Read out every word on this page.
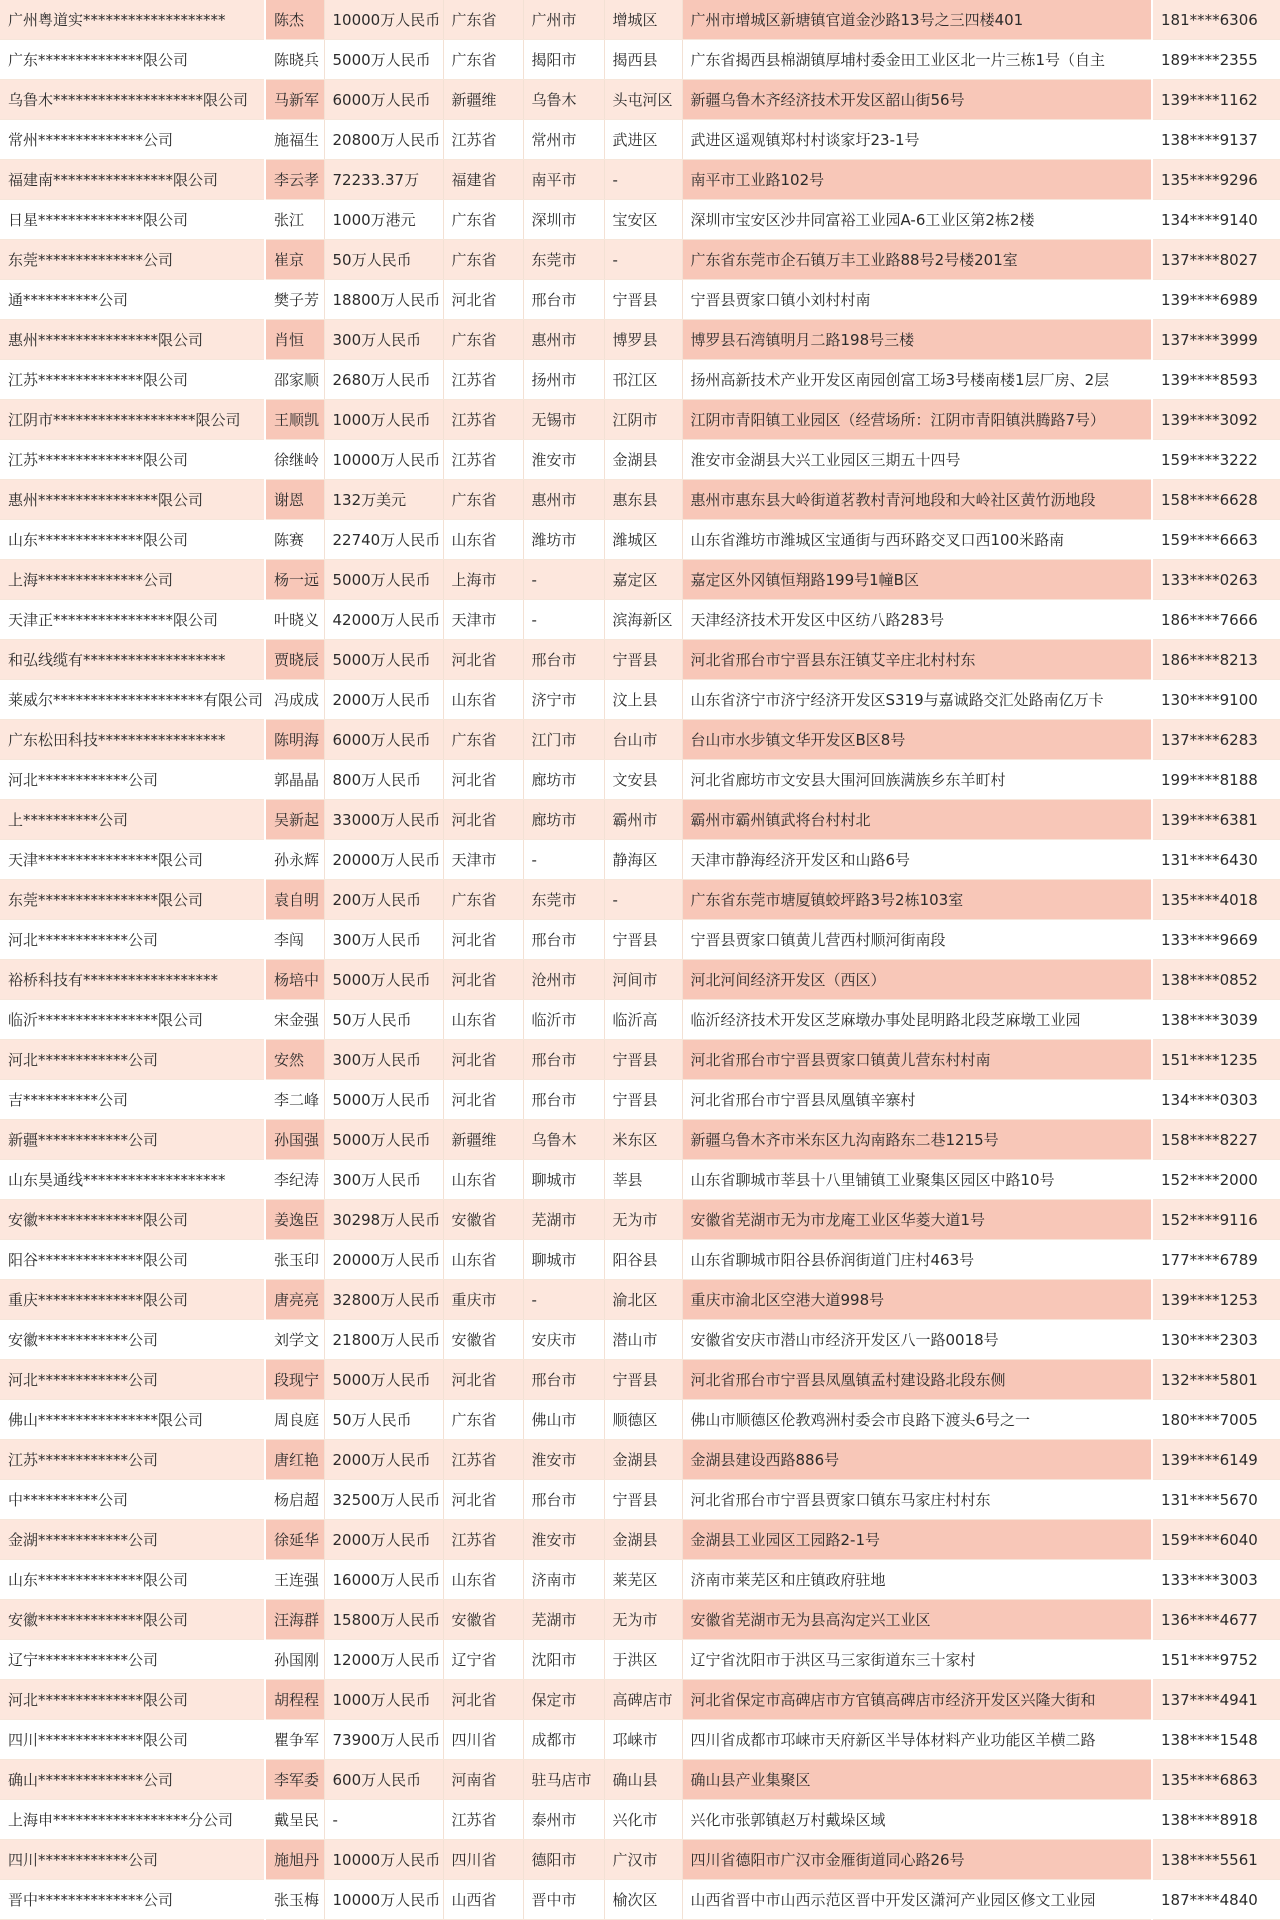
广州粤道实*******************	陈杰	10000万人民币	广东省	广州市	增城区	广州市增城区新塘镇官道金沙路13号之三四楼401	181****6306
广东**************限公司	陈晓兵	5000万人民币	广东省	揭阳市	揭西县	广东省揭西县棉湖镇厚埔村委金田工业区北一片三栋1号（自主	189****2355
乌鲁木********************限公司	马新军	6000万人民币	新疆维	乌鲁木	头屯河区	新疆乌鲁木齐经济技术开发区韶山街56号	139****1162
常州**************公司	施福生	20800万人民币	江苏省	常州市	武进区	武进区遥观镇郑村村谈家圩23-1号	138****9137
福建南****************限公司	李云孝	72233.37万	福建省	南平市	-	南平市工业路102号	135****9296
日星**************限公司	张江	1000万港元	广东省	深圳市	宝安区	深圳市宝安区沙井同富裕工业园A-6工业区第2栋2楼	134****9140
东莞**************公司	崔京	50万人民币	广东省	东莞市	-	广东省东莞市企石镇万丰工业路88号2号楼201室	137****8027
通**********公司	樊子芳	18800万人民币	河北省	邢台市	宁晋县	宁晋县贾家口镇小刘村村南	139****6989
惠州****************限公司	肖恒	300万人民币	广东省	惠州市	博罗县	博罗县石湾镇明月二路198号三楼	137****3999
江苏**************限公司	邵家顺	2680万人民币	江苏省	扬州市	邗江区	扬州高新技术产业开发区南园创富工场3号楼南楼1层厂房、2层	139****8593
江阴市*******************限公司	王顺凯	1000万人民币	江苏省	无锡市	江阴市	江阴市青阳镇工业园区（经营场所：江阴市青阳镇洪腾路7号）	139****3092
江苏**************限公司	徐继岭	10000万人民币	江苏省	淮安市	金湖县	淮安市金湖县大兴工业园区三期五十四号	159****3222
惠州****************限公司	谢恩	132万美元	广东省	惠州市	惠东县	惠州市惠东县大岭街道茗教村青河地段和大岭社区黄竹沥地段	158****6628
山东**************限公司	陈赛	22740万人民币	山东省	潍坊市	潍城区	山东省潍坊市潍城区宝通街与西环路交叉口西100米路南	159****6663
上海**************公司	杨一远	5000万人民币	上海市	-	嘉定区	嘉定区外冈镇恒翔路199号1幢B区	133****0263
天津正****************限公司	叶晓义	42000万人民币	天津市	-	滨海新区	天津经济技术开发区中区纺八路283号	186****7666
和弘线缆有*******************	贾晓辰	5000万人民币	河北省	邢台市	宁晋县	河北省邢台市宁晋县东汪镇艾辛庄北村村东	186****8213
莱威尔********************有限公司	冯成成	2000万人民币	山东省	济宁市	汶上县	山东省济宁市济宁经济开发区S319与嘉诚路交汇处路南亿万卡	130****9100
广东松田科技*****************	陈明海	6000万人民币	广东省	江门市	台山市	台山市水步镇文华开发区B区8号	137****6283
河北************公司	郭晶晶	800万人民币	河北省	廊坊市	文安县	河北省廊坊市文安县大围河回族满族乡东羊町村	199****8188
上**********公司	吴新起	33000万人民币	河北省	廊坊市	霸州市	霸州市霸州镇武将台村村北	139****6381
天津****************限公司	孙永辉	20000万人民币	天津市	-	静海区	天津市静海经济开发区和山路6号	131****6430
东莞****************限公司	袁自明	200万人民币	广东省	东莞市	-	广东省东莞市塘厦镇蛟坪路3号2栋103室	135****4018
河北************公司	李闯	300万人民币	河北省	邢台市	宁晋县	宁晋县贾家口镇黄儿营西村顺河街南段	133****9669
裕桥科技有******************	杨培中	5000万人民币	河北省	沧州市	河间市	河北河间经济开发区（西区）	138****0852
临沂****************限公司	宋金强	50万人民币	山东省	临沂市	临沂高	临沂经济技术开发区芝麻墩办事处昆明路北段芝麻墩工业园	138****3039
河北************公司	安然	300万人民币	河北省	邢台市	宁晋县	河北省邢台市宁晋县贾家口镇黄儿营东村村南	151****1235
吉**********公司	李二峰	5000万人民币	河北省	邢台市	宁晋县	河北省邢台市宁晋县凤凰镇辛寨村	134****0303
新疆************公司	孙国强	5000万人民币	新疆维	乌鲁木	米东区	新疆乌鲁木齐市米东区九沟南路东二巷1215号	158****8227
山东昊通线*******************	李纪涛	300万人民币	山东省	聊城市	莘县	山东省聊城市莘县十八里铺镇工业聚集区园区中路10号	152****2000
安徽**************限公司	姜逸臣	30298万人民币	安徽省	芜湖市	无为市	安徽省芜湖市无为市龙庵工业区华菱大道1号	152****9116
阳谷**************限公司	张玉印	20000万人民币	山东省	聊城市	阳谷县	山东省聊城市阳谷县侨润街道门庄村463号	177****6789
重庆**************限公司	唐亮亮	32800万人民币	重庆市	-	渝北区	重庆市渝北区空港大道998号	139****1253
安徽************公司	刘学文	21800万人民币	安徽省	安庆市	潜山市	安徽省安庆市潜山市经济开发区八一路0018号	130****2303
河北************公司	段现宁	5000万人民币	河北省	邢台市	宁晋县	河北省邢台市宁晋县凤凰镇孟村建设路北段东侧	132****5801
佛山****************限公司	周良庭	50万人民币	广东省	佛山市	顺德区	佛山市顺德区伦教鸡洲村委会市良路下渡头6号之一	180****7005
江苏************公司	唐红艳	2000万人民币	江苏省	淮安市	金湖县	金湖县建设西路886号	139****6149
中**********公司	杨启超	32500万人民币	河北省	邢台市	宁晋县	河北省邢台市宁晋县贾家口镇东马家庄村村东	131****5670
金湖************公司	徐延华	2000万人民币	江苏省	淮安市	金湖县	金湖县工业园区工园路2-1号	159****6040
山东**************限公司	王连强	16000万人民币	山东省	济南市	莱芜区	济南市莱芜区和庄镇政府驻地	133****3003
安徽**************限公司	汪海群	15800万人民币	安徽省	芜湖市	无为市	安徽省芜湖市无为县高沟定兴工业区	136****4677
辽宁************公司	孙国刚	12000万人民币	辽宁省	沈阳市	于洪区	辽宁省沈阳市于洪区马三家街道东三十家村	151****9752
河北**************限公司	胡程程	1000万人民币	河北省	保定市	高碑店市	河北省保定市高碑店市方官镇高碑店市经济开发区兴隆大街和	137****4941
四川**************限公司	瞿争军	73900万人民币	四川省	成都市	邛崃市	四川省成都市邛崃市天府新区半导体材料产业功能区羊横二路	138****1548
确山**************公司	李军委	600万人民币	河南省	驻马店市	确山县	确山县产业集聚区	135****6863
上海申******************分公司	戴呈民	-	江苏省	泰州市	兴化市	兴化市张郭镇赵万村戴垛区域	138****8918
四川************公司	施旭丹	10000万人民币	四川省	德阳市	广汉市	四川省德阳市广汉市金雁街道同心路26号	138****5561
晋中**************公司	张玉梅	10000万人民币	山西省	晋中市	榆次区	山西省晋中市山西示范区晋中开发区潇河产业园区修文工业园	187****4840
